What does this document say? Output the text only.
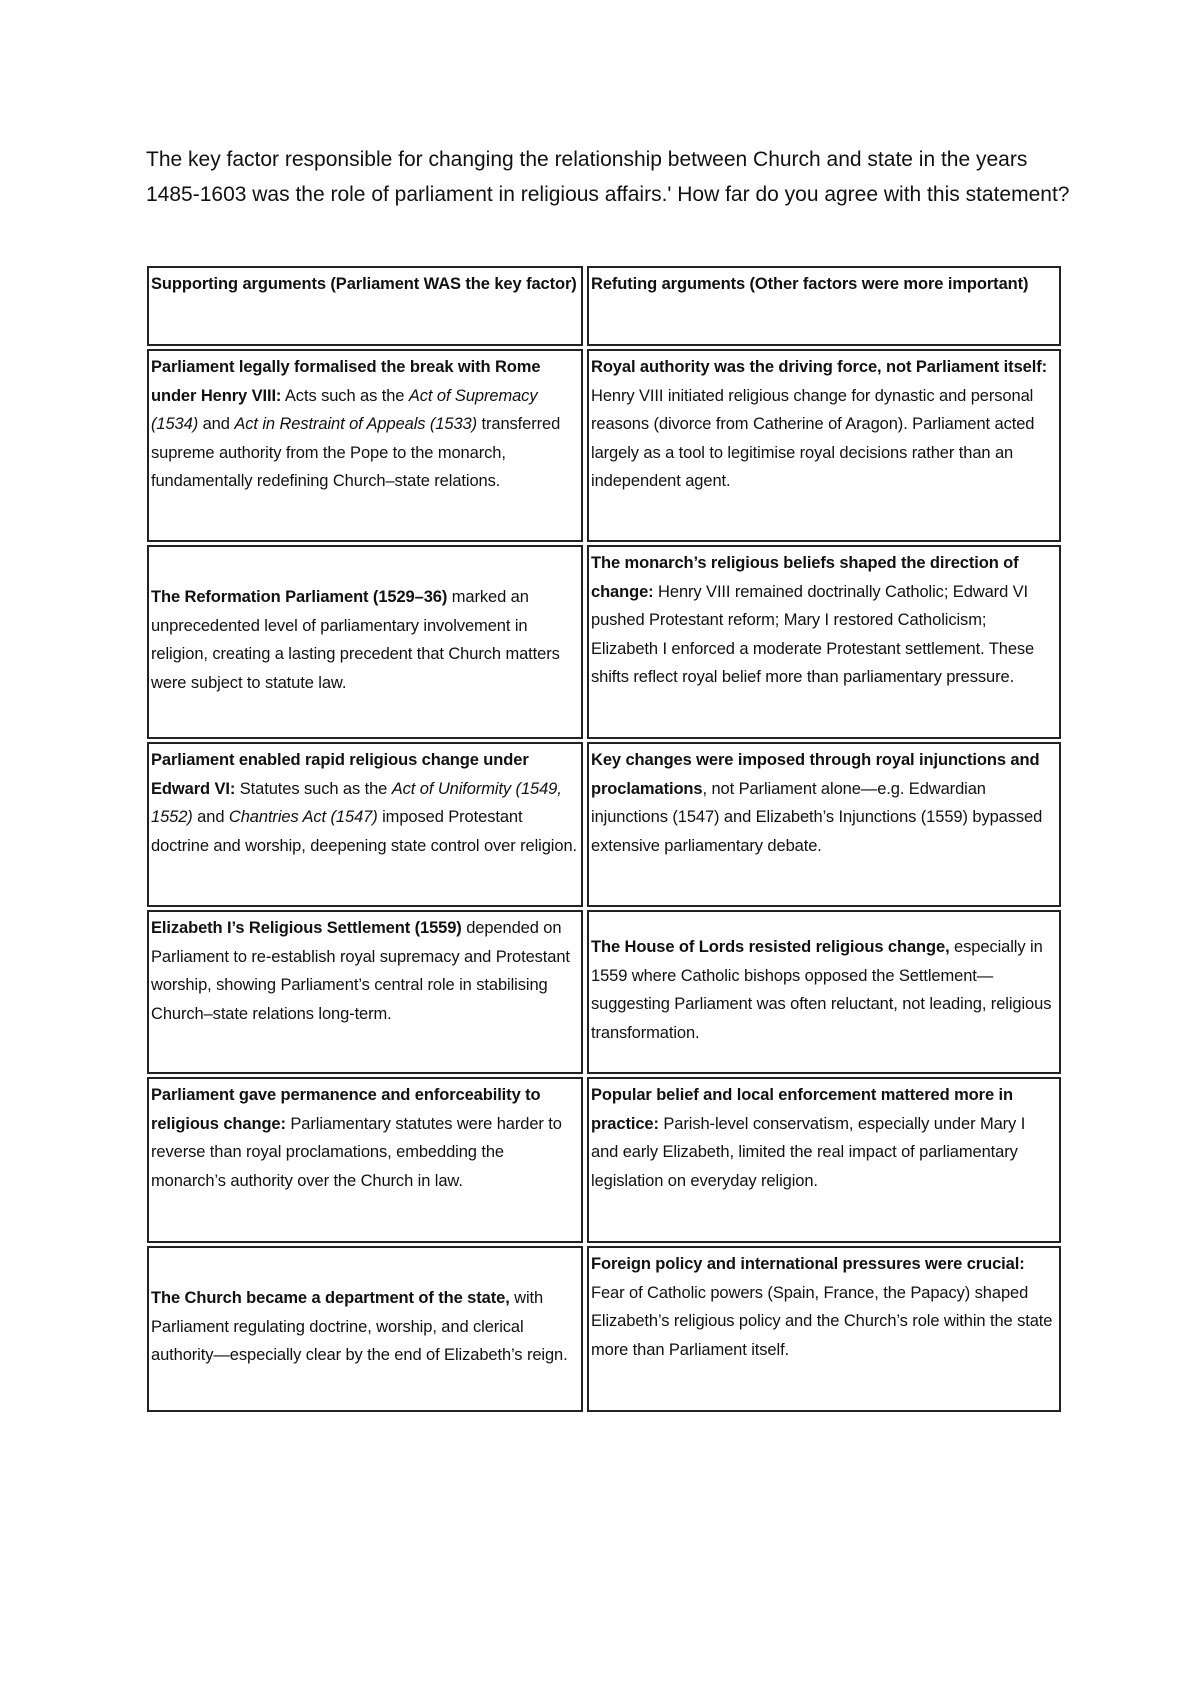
The key factor responsible for changing the relationship between Church and state in the years 1485-1603 was the role of parliament in religious affairs.' How far do you agree with this statement?

Supporting arguments (Parliament WAS the key factor) Refuting arguments (Other factors were more important)
Parliament legally formalised the break with Rome under Henry VIII: Acts such as the Act of Supremacy (1534) and Act in Restraint of Appeals (1533) transferred supreme authority from the Pope to the monarch, fundamentally redefining Church–state relations.
Royal authority was the driving force, not Parliament itself: Henry VIII initiated religious change for dynastic and personal reasons (divorce from Catherine of Aragon). Parliament acted largely as a tool to legitimise royal decisions rather than an independent agent.
The Reformation Parliament (1529–36) marked an unprecedented level of parliamentary involvement in religion, creating a lasting precedent that Church matters were subject to statute law.
The monarch’s religious beliefs shaped the direction of change: Henry VIII remained doctrinally Catholic; Edward VI pushed Protestant reform; Mary I restored Catholicism; Elizabeth I enforced a moderate Protestant settlement. These shifts reflect royal belief more than parliamentary pressure.
Parliament enabled rapid religious change under Edward VI: Statutes such as the Act of Uniformity (1549, 1552) and Chantries Act (1547) imposed Protestant doctrine and worship, deepening state control over religion.
Key changes were imposed through royal injunctions and proclamations, not Parliament alone—e.g. Edwardian injunctions (1547) and Elizabeth’s Injunctions (1559) bypassed extensive parliamentary debate.
Elizabeth I’s Religious Settlement (1559) depended on Parliament to re-establish royal supremacy and Protestant worship, showing Parliament’s central role in stabilising Church–state relations long-term.
The House of Lords resisted religious change, especially in 1559 where Catholic bishops opposed the Settlement—suggesting Parliament was often reluctant, not leading, religious transformation.
Parliament gave permanence and enforceability to religious change: Parliamentary statutes were harder to reverse than royal proclamations, embedding the monarch’s authority over the Church in law.
Popular belief and local enforcement mattered more in practice: Parish-level conservatism, especially under Mary I and early Elizabeth, limited the real impact of parliamentary legislation on everyday religion.
The Church became a department of the state, with Parliament regulating doctrine, worship, and clerical authority—especially clear by the end of Elizabeth’s reign.
Foreign policy and international pressures were crucial: Fear of Catholic powers (Spain, France, the Papacy) shaped Elizabeth’s religious policy and the Church’s role within the state more than Parliament itself.
